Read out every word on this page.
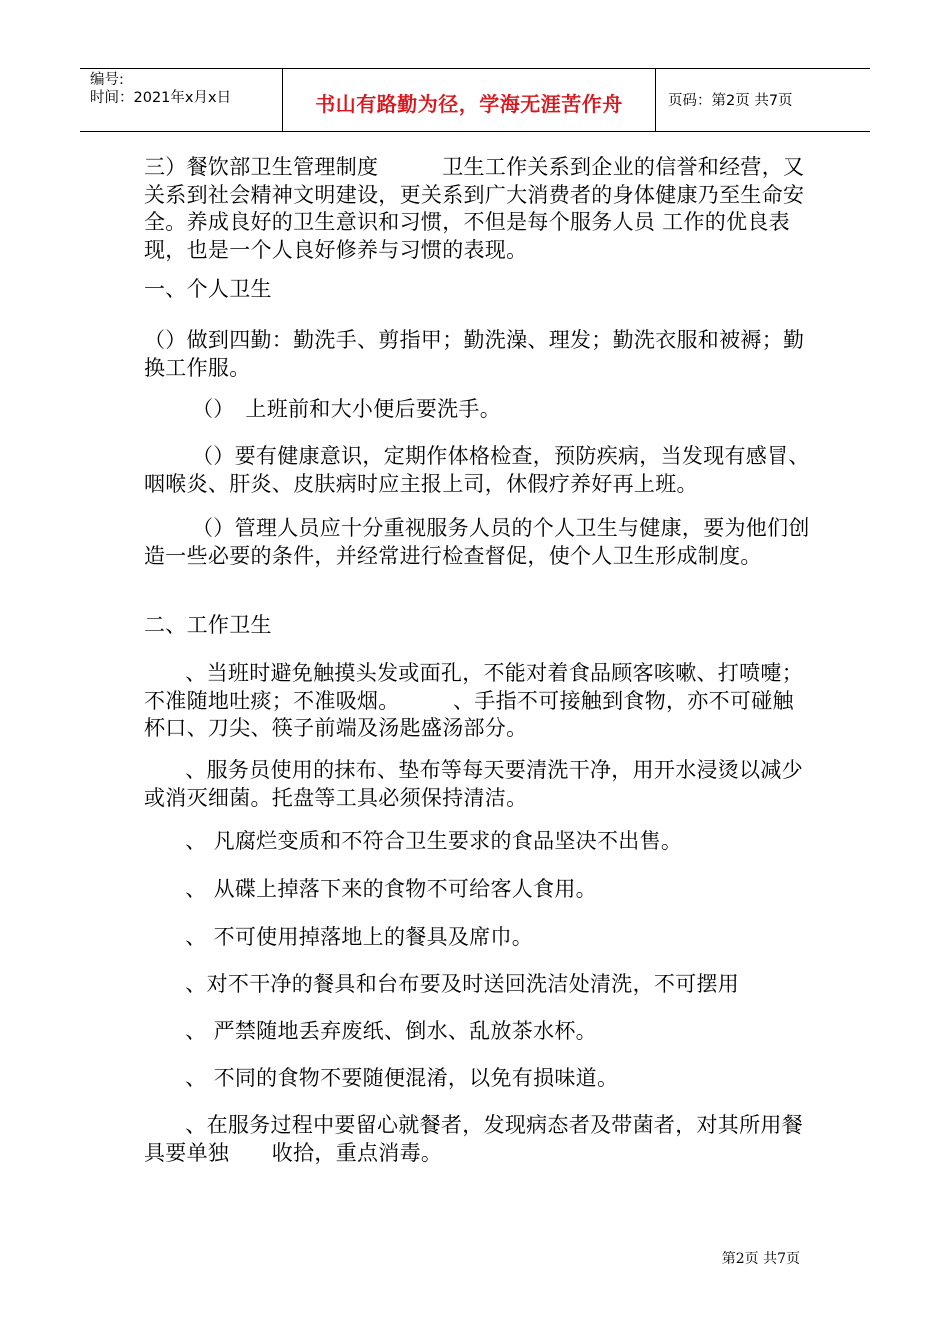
编号:
时间：2021年x月x日	书山有路勤为径，学海无涯苦作舟	页码：第2页 共7页

三）餐饮部卫生管理制度　　　卫生工作关系到企业的信誉和经营，又关系到社会精神文明建设，更关系到广大消费者的身体健康乃至生命安全。养成良好的卫生意识和习惯，不但是每个服务人员 工作的优良表现，也是一个人良好修养与习惯的表现。

一、个人卫生

（）做到四勤：勤洗手、剪指甲；勤洗澡、理发；勤洗衣服和被褥；勤换工作服。

（）　上班前和大小便后要洗手。

（）要有健康意识，定期作体格检查，预防疾病，当发现有感冒、咽喉炎、肝炎、皮肤病时应主报上司，休假疗养好再上班。

（）管理人员应十分重视服务人员的个人卫生与健康，要为他们创造一些必要的条件，并经常进行检查督促，使个人卫生形成制度。

二、工作卫生

　、当班时避免触摸头发或面孔，不能对着食品顾客咳嗽、打喷嚏；不准随地吐痰；不准吸烟。　　　、手指不可接触到食物，亦不可碰触杯口、刀尖、筷子前端及汤匙盛汤部分。

　、服务员使用的抹布、垫布等每天要清洗干净，用开水浸烫以减少或消灭细菌。托盘等工具必须保持清洁。

　、 凡腐烂变质和不符合卫生要求的食品坚决不出售。

　、 从碟上掉落下来的食物不可给客人食用。

　、 不可使用掉落地上的餐具及席巾。

　、对不干净的餐具和台布要及时送回洗洁处清洗，不可摆用

　、 严禁随地丢弃废纸、倒水、乱放茶水杯。

　、 不同的食物不要随便混淆，以免有损味道。

　、在服务过程中要留心就餐者，发现病态者及带菌者，对其所用餐具要单独　　收拾，重点消毒。

第2页 共7页
